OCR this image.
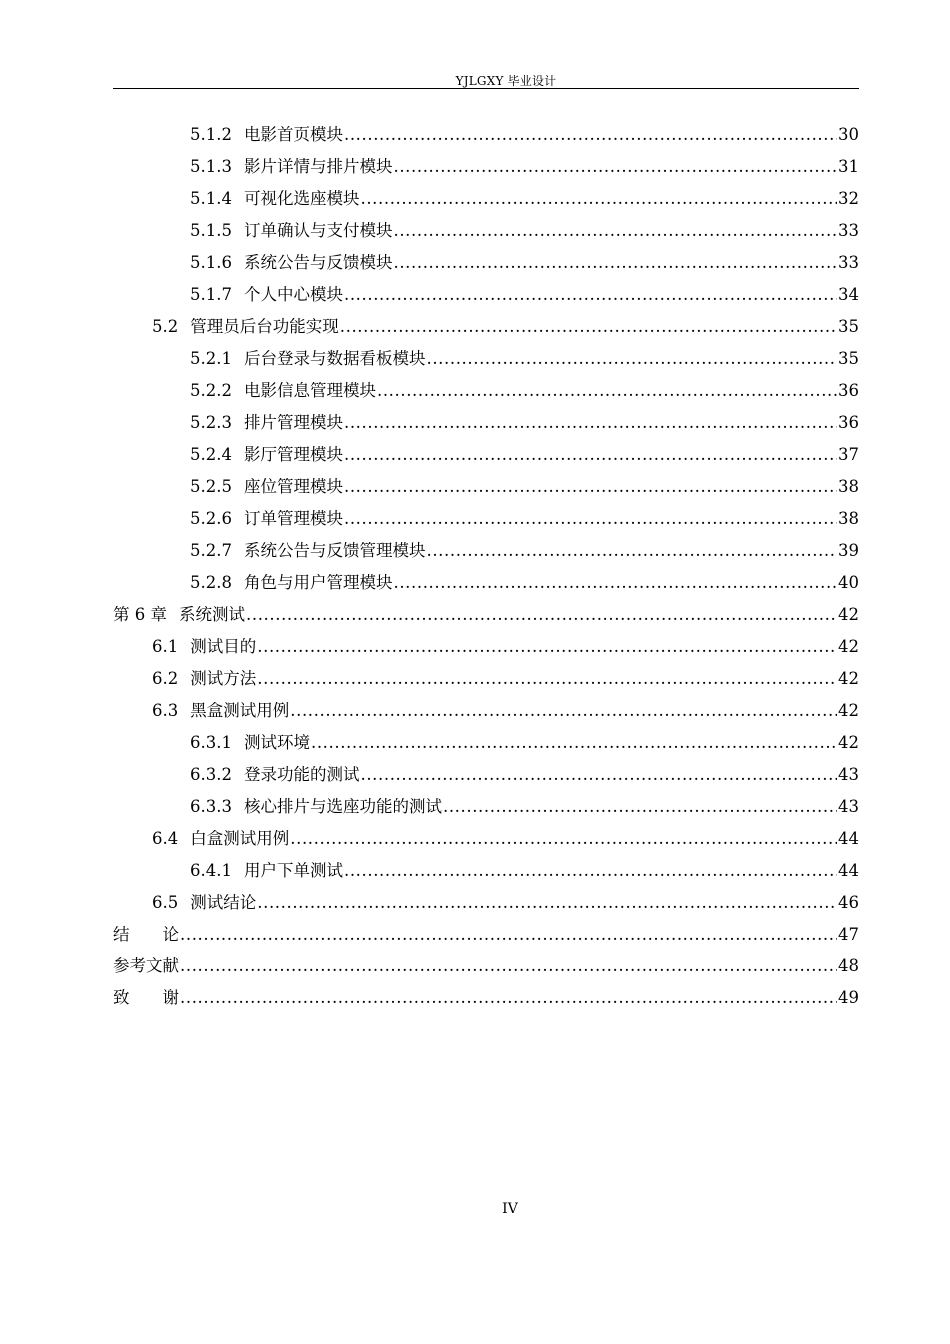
YJLGXY 毕业设计
5.1.2 电影首页模块 .....	30
5.1.3 影片详情与排片模块 .....	31
5.1.4 可视化选座模块 .....	32
5.1.5 订单确认与支付模块 .....	33
5.1.6 系统公告与反馈模块 .....	33
5.1.7 个人中心模块 .....	34
5.2 管理员后台功能实现 .....	35
5.2.1 后台登录与数据看板模块 .....	35
5.2.2 电影信息管理模块 .....	36
5.2.3 排片管理模块 .....	36
5.2.4 影厅管理模块 .....	37
5.2.5 座位管理模块 .....	38
5.2.6 订单管理模块 .....	38
5.2.7 系统公告与反馈管理模块 .....	39
5.2.8 角色与用户管理模块 .....	40
第 6 章 系统测试 .....	42
6.1 测试目的 .....	42
6.2 测试方法 .....	42
6.3 黑盒测试用例 .....	42
6.3.1 测试环境 .....	42
6.3.2 登录功能的测试 .....	43
6.3.3 核心排片与选座功能的测试 .....	43
6.4 白盒测试用例 .....	44
6.4.1 用户下单测试 .....	44
6.5 测试结论 .....	46
结　　论 .....	47
参考文献 .....	48
致　　谢 .....	49
IV
